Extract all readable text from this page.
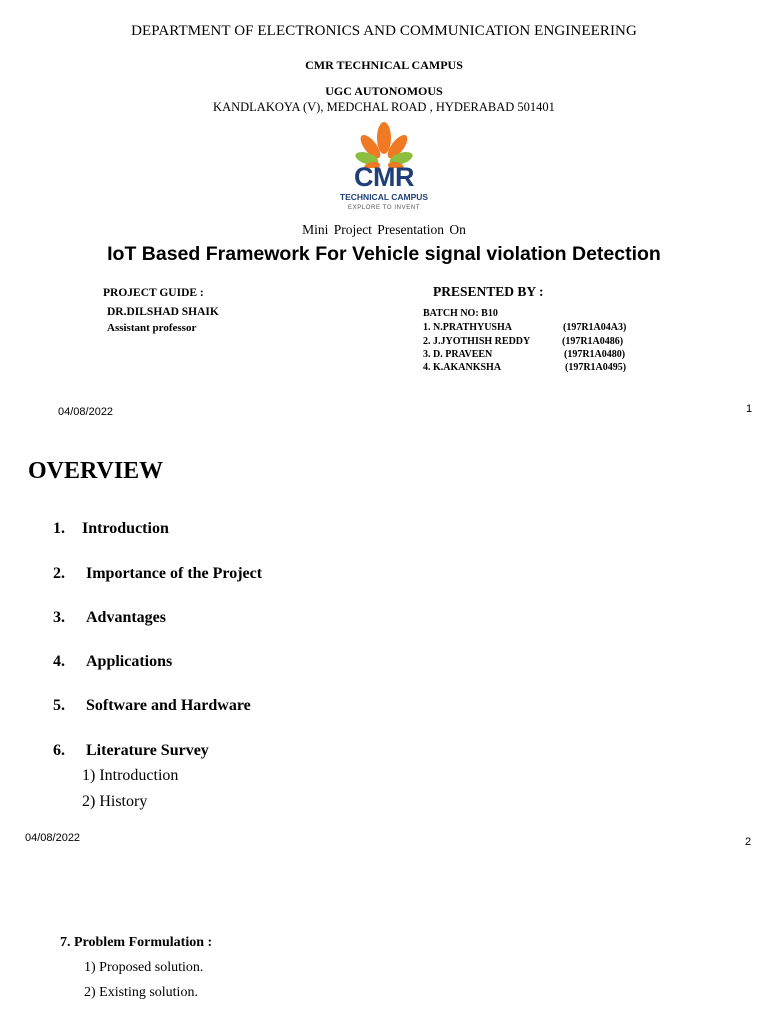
DEPARTMENT OF ELECTRONICS AND COMMUNICATION ENGINEERING
CMR TECHNICAL CAMPUS
UGC AUTONOMOUS
KANDLAKOYA (V), MEDCHAL ROAD , HYDERABAD 501401
CMR
TECHNICAL CAMPUS
EXPLORE TO INVENT
Mini Project Presentation On
IoT Based Framework For Vehicle signal violation Detection
PROJECT GUIDE :
DR.DILSHAD SHAIK
Assistant professor
PRESENTED BY :
BATCH NO: B10
1. N.PRATHYUSHA	(197R1A04A3)
2. J.JYOTHISH REDDY	(197R1A0486)
3. D. PRAVEEN	(197R1A0480)
4. K.AKANKSHA	(197R1A0495)
04/08/2022	1
OVERVIEW
1. Introduction
2. Importance of the Project
3. Advantages
4. Applications
5. Software and Hardware
6. Literature Survey
1) Introduction
2) History
04/08/2022	2
7. Problem Formulation :
1) Proposed solution.
2) Existing solution.
